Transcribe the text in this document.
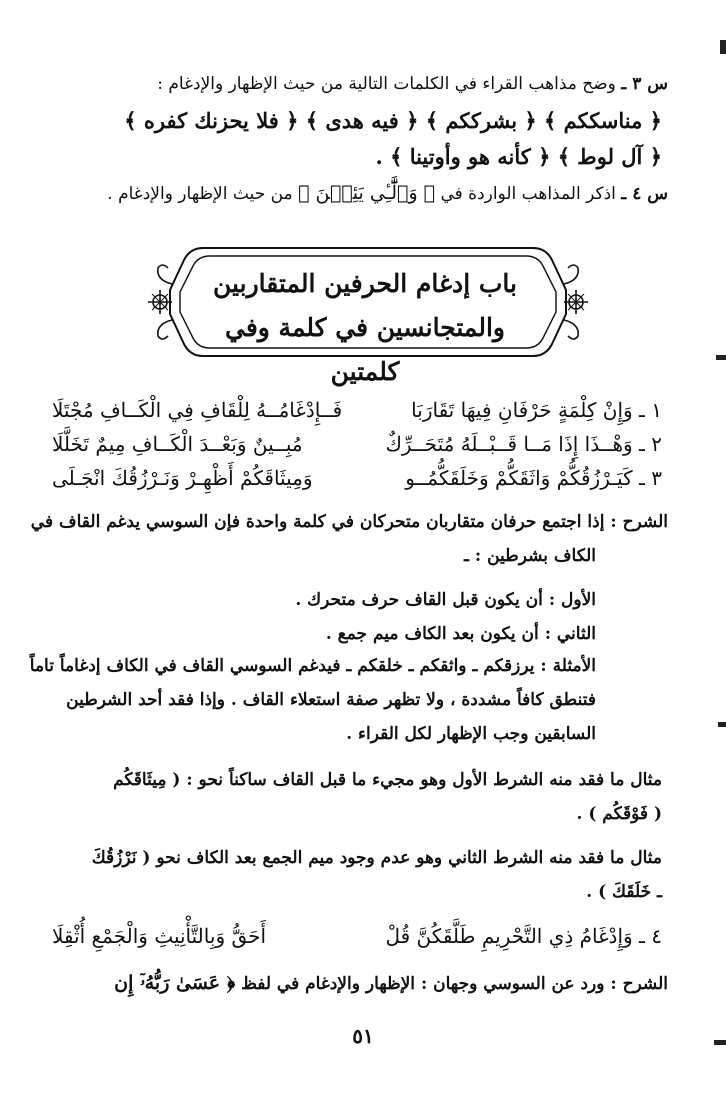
س ٣ ـ وضح مذاهب القراء في الكلمات التالية من حيث الإظهار والإدغام :
﴿ مناسككم ﴾ ﴿ بشرككم ﴾ ﴿ فيه هدى ﴾ ﴿ فلا يحزنك كفره ﴾
﴿ آل لوط ﴾ ﴿ كأنه هو وأوتينا ﴾ .
س ٤ ـ اذكر المذاهب الواردة في ﴿ وَٱلَّٰٓـِٔي يَئِسۡنَ ﴾ من حيث الإظهار والإدغام .
باب إدغام الحرفين المتقاربين
والمتجانسين في كلمة وفي كلمتين
١ ـ وَإِنْ كِلْمَةٍ حَرْفَانِ فِيهَا تَقَارَبَا
فَــإِدْغَامُــهُ لِلْقَافِ فِي الْكَــافِ مُجْتَلَا
٢ ـ وَهْــذَا إِذَا مَــا قَــبْــلَهُ مُتَحَــرِّكٌ
مُبِــينٌ وَبَعْــدَ الْكَــافِ مِيمٌ تَخَلَّلَا
٣ ـ كَيَـرْزُقُكُّمْ وَاثَقَكُّمْ وَخَلَقَكُّمُــو
وَمِيثَاقَكُمْ أَظْهِـرْ وَنَـرْزُقُكَ انْجَـلَى
الشرح : إذا اجتمع حرفان متقاربان متحركان في كلمة واحدة فإن السوسي يدغم القاف في
الكاف بشرطين : ـ
الأول : أن يكون قبل القاف حرف متحرك .
الثاني : أن يكون بعد الكاف ميم جمع .
الأمثلة : يرزقكم ـ واثقكم ـ خلقكم ـ فيدغم السوسي القاف في الكاف إدغاماً تاماً
فتنطق كافاً مشددة ، ولا تظهر صفة استعلاء القاف . وإذا فقد أحد الشرطين
السابقين وجب الإظهار لكل القراء .
مثال ما فقد منه الشرط الأول وهو مجيء ما قبل القاف ساكناً نحو : ( مِيثَاقَكُم
( فَوْقَكُم ) .
مثال ما فقد منه الشرط الثاني وهو عدم وجود ميم الجمع بعد الكاف نحو ( نَرْزُقُكَ
ـ خَلَقَكَ ) .
٤ ـ وَإِدْغَامُ ذِي التَّحْرِيمِ طَلَّقَكُنَّ قُلْ
أَحَقُّ وَبِالتَّأْنِيثِ وَالْجَمْعِ أُثْقِلَا
الشرح : ورد عن السوسي وجهان : الإظهار والإدغام في لفظ ﴿ عَسَىٰ رَبُّهُۥٓ إِن
٥١
